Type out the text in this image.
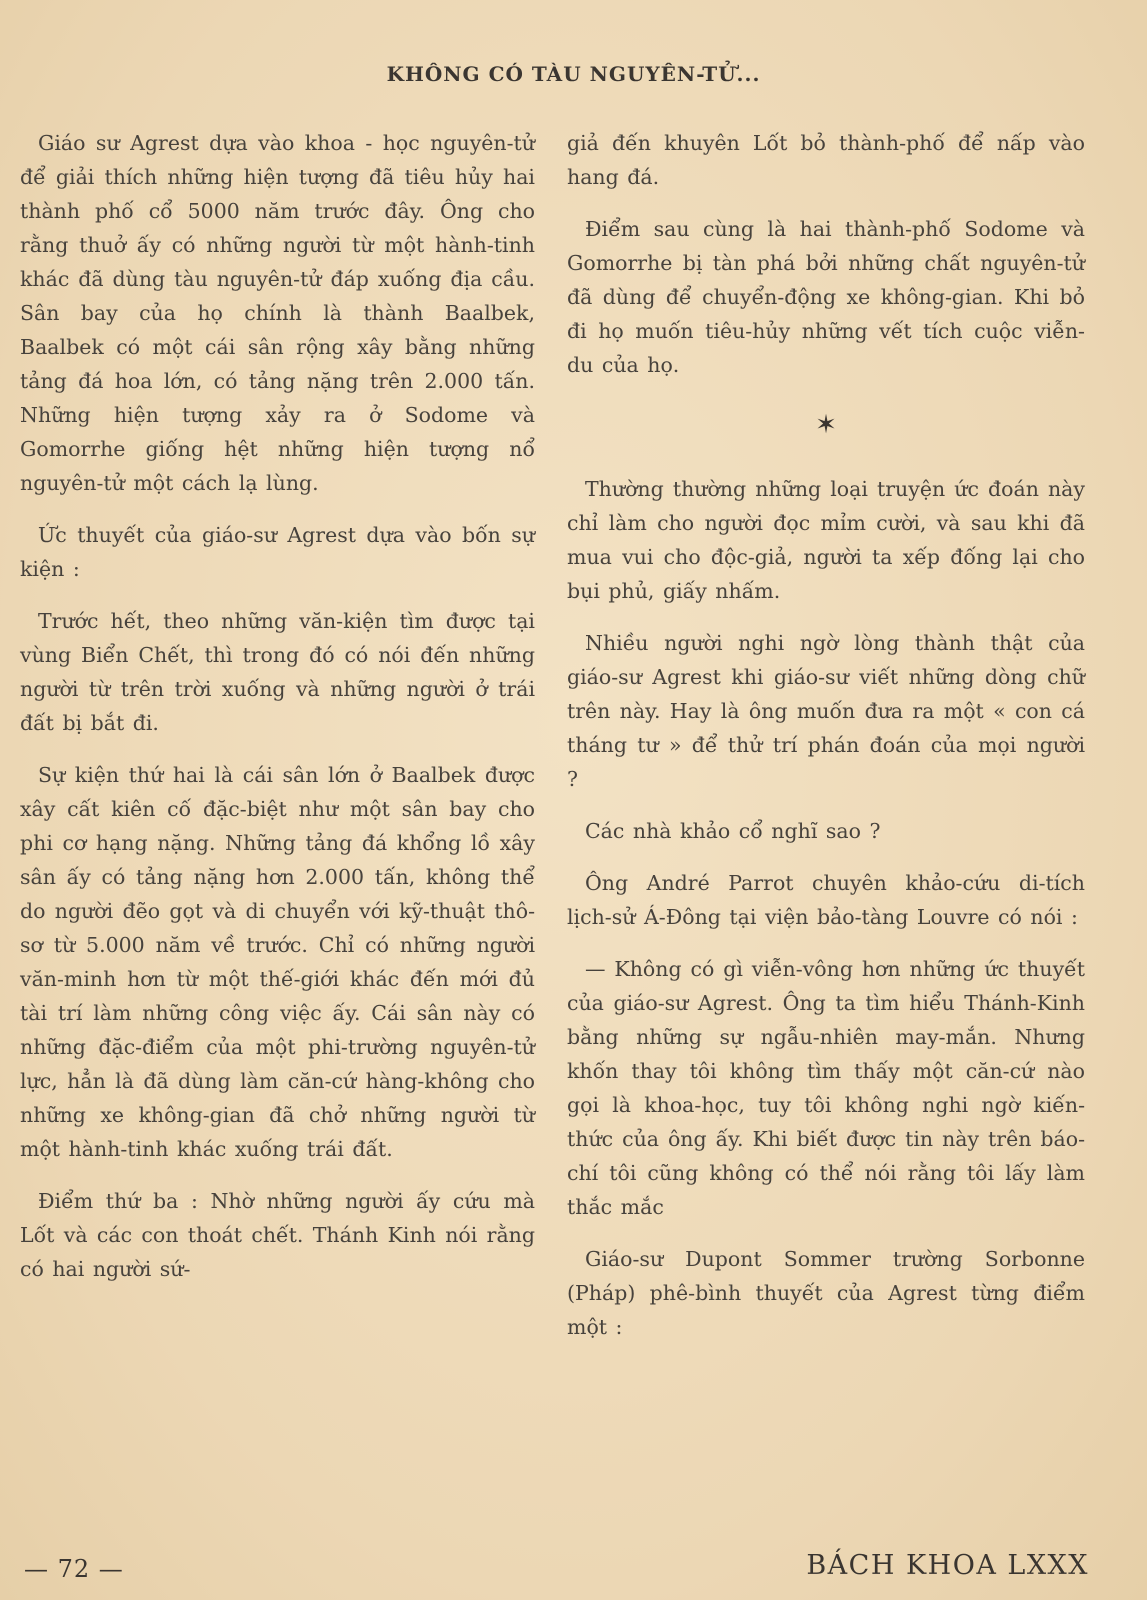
KHÔNG CÓ TÀU NGUYÊN-TỬ...

Giáo sư Agrest dựa vào khoa - học nguyên-tử để giải thích những hiện tượng đã tiêu hủy hai thành phố cổ 5000 năm trước đây. Ông cho rằng thuở ấy có những người từ một hành-tinh khác đã dùng tàu nguyên-tử đáp xuống địa cầu. Sân bay của họ chính là thành Baalbek, Baalbek có một cái sân rộng xây bằng những tảng đá hoa lớn, có tảng nặng trên 2.000 tấn. Những hiện tượng xảy ra ở Sodome và Gomorrhe giống hệt những hiện tượng nổ nguyên-tử một cách lạ lùng.

Ức thuyết của giáo-sư Agrest dựa vào bốn sự kiện :

Trước hết, theo những văn-kiện tìm được tại vùng Biển Chết, thì trong đó có nói đến những người từ trên trời xuống và những người ở trái đất bị bắt đi.

Sự kiện thứ hai là cái sân lớn ở Baalbek được xây cất kiên cố đặc-biệt như một sân bay cho phi cơ hạng nặng. Những tảng đá khổng lồ xây sân ấy có tảng nặng hơn 2.000 tấn, không thể do người đẽo gọt và di chuyển với kỹ-thuật thô-sơ từ 5.000 năm về trước. Chỉ có những người văn-minh hơn từ một thế-giới khác đến mới đủ tài trí làm những công việc ấy. Cái sân này có những đặc-điểm của một phi-trường nguyên-tử lực, hẳn là đã dùng làm căn-cứ hàng-không cho những xe không-gian đã chở những người từ một hành-tinh khác xuống trái đất.

Điểm thứ ba : Nhờ những người ấy cứu mà Lốt và các con thoát chết. Thánh Kinh nói rằng có hai người sứ-

giả đến khuyên Lốt bỏ thành-phố để nấp vào hang đá.

Điểm sau cùng là hai thành-phố Sodome và Gomorrhe bị tàn phá bởi những chất nguyên-tử đã dùng để chuyển-động xe không-gian. Khi bỏ đi họ muốn tiêu-hủy những vết tích cuộc viễn-du của họ.

✶

Thường thường những loại truyện ức đoán này chỉ làm cho người đọc mỉm cười, và sau khi đã mua vui cho độc-giả, người ta xếp đống lại cho bụi phủ, giấy nhấm.

Nhiều người nghi ngờ lòng thành thật của giáo-sư Agrest khi giáo-sư viết những dòng chữ trên này. Hay là ông muốn đưa ra một « con cá tháng tư » để thử trí phán đoán của mọi người ?

Các nhà khảo cổ nghĩ sao ?

Ông André Parrot chuyên khảo-cứu di-tích lịch-sử Á-Đông tại viện bảo-tàng Louvre có nói :

— Không có gì viễn-vông hơn những ức thuyết của giáo-sư Agrest. Ông ta tìm hiểu Thánh-Kinh bằng những sự ngẫu-nhiên may-mắn. Nhưng khốn thay tôi không tìm thấy một căn-cứ nào gọi là khoa-học, tuy tôi không nghi ngờ kiến-thức của ông ấy. Khi biết được tin này trên báo-chí tôi cũng không có thể nói rằng tôi lấy làm thắc mắc

Giáo-sư Dupont Sommer trường Sorbonne (Pháp) phê-bình thuyết của Agrest từng điểm một :

— 72 —	BÁCH KHOA LXXX
